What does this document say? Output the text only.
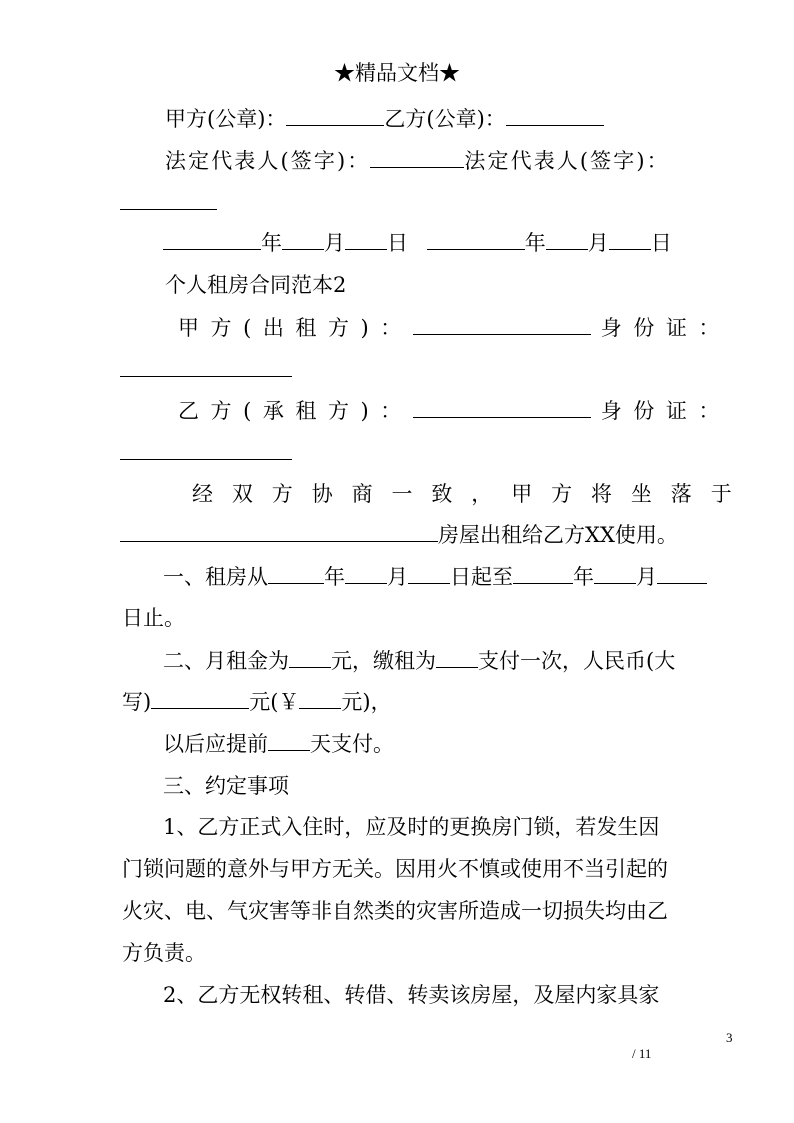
★精品文档★
甲方(公章)：	乙方(公章)：
法定代表人(签字)：	法定代表人(签字)：
年 月 日	年 月 日
个人租房合同范本2
甲方(出租方)：	身份证：
乙方(承租方)：	身份证：
经双方协商一致，甲方将坐落于
房屋出租给乙方XX使用。
一、租房从	年 月 日起至	年 月
日止。
二、月租金为 元，缴租为 支付一次，人民币(大
写)	元(￥ 元)，
以后应提前 天支付。
三、约定事项
1、乙方正式入住时，应及时的更换房门锁，若发生因
门锁问题的意外与甲方无关。因用火不慎或使用不当引起的
火灾、电、气灾害等非自然类的灾害所造成一切损失均由乙
方负责。
2、乙方无权转租、转借、转卖该房屋，及屋内家具家
3
/ 11
